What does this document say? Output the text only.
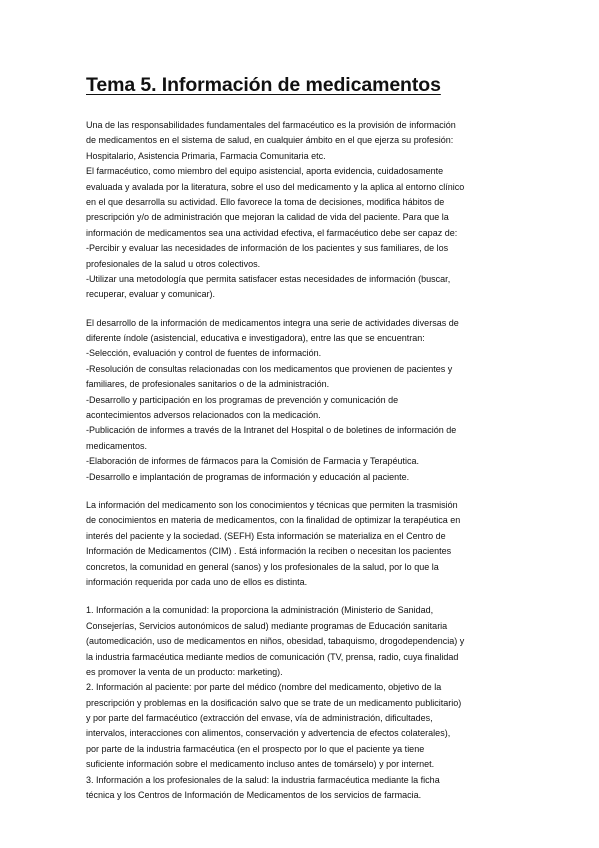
Tema 5. Información de medicamentos

Una de las responsabilidades fundamentales del farmacéutico es la provisión de información
de medicamentos en el sistema de salud, en cualquier ámbito en el que ejerza su profesión:
Hospitalario, Asistencia Primaria, Farmacia Comunitaria etc.
El farmacéutico, como miembro del equipo asistencial, aporta evidencia, cuidadosamente
evaluada y avalada por la literatura, sobre el uso del medicamento y la aplica al entorno clínico
en el que desarrolla su actividad. Ello favorece la toma de decisiones, modifica hábitos de
prescripción y/o de administración que mejoran la calidad de vida del paciente. Para que la
información de medicamentos sea una actividad efectiva, el farmacéutico debe ser capaz de:
-Percibir y evaluar las necesidades de información de los pacientes y sus familiares, de los
profesionales de la salud u otros colectivos.
-Utilizar una metodología que permita satisfacer estas necesidades de información (buscar,
recuperar, evaluar y comunicar).

El desarrollo de la información de medicamentos integra una serie de actividades diversas de
diferente índole (asistencial, educativa e investigadora), entre las que se encuentran:
-Selección, evaluación y control de fuentes de información.
-Resolución de consultas relacionadas con los medicamentos que provienen de pacientes y
familiares, de profesionales sanitarios o de la administración.
-Desarrollo y participación en los programas de prevención y comunicación de
acontecimientos adversos relacionados con la medicación.
-Publicación de informes a través de la Intranet del Hospital o de boletines de información de
medicamentos.
-Elaboración de informes de fármacos para la Comisión de Farmacia y Terapéutica.
-Desarrollo e implantación de programas de información y educación al paciente.

La información del medicamento son los conocimientos y técnicas que permiten la trasmisión
de conocimientos en materia de medicamentos, con la finalidad de optimizar la terapéutica en
interés del paciente y la sociedad. (SEFH) Esta información se materializa en el Centro de
Información de Medicamentos (CIM) . Está información la reciben o necesitan los pacientes
concretos, la comunidad en general (sanos) y los profesionales de la salud, por lo que la
información requerida por cada uno de ellos es distinta.

1. Información a la comunidad: la proporciona la administración (Ministerio de Sanidad,
Consejerías, Servicios autonómicos de salud) mediante programas de Educación sanitaria
(automedicación, uso de medicamentos en niños, obesidad, tabaquismo, drogodependencia) y
la industria farmacéutica mediante medios de comunicación (TV, prensa, radio, cuya finalidad
es promover la venta de un producto: marketing).
2. Información al paciente: por parte del médico (nombre del medicamento, objetivo de la
prescripción y problemas en la dosificación salvo que se trate de un medicamento publicitario)
y por parte del farmacéutico (extracción del envase, vía de administración, dificultades,
intervalos, interacciones con alimentos, conservación y advertencia de efectos colaterales),
por parte de la industria farmacéutica (en el prospecto por lo que el paciente ya tiene
suficiente información sobre el medicamento incluso antes de tomárselo) y por internet.
3. Información a los profesionales de la salud: la industria farmacéutica mediante la ficha
técnica y los Centros de Información de Medicamentos de los servicios de farmacia.
